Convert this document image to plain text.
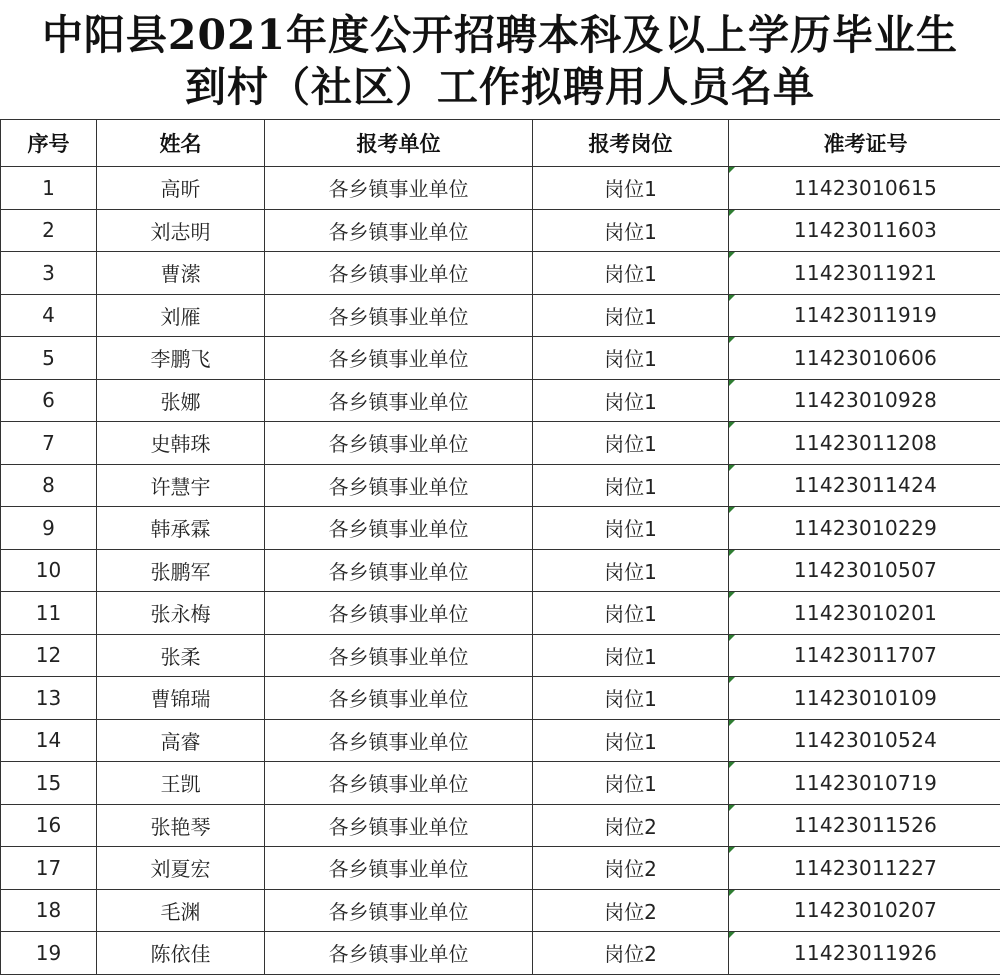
中阳县2021年度公开招聘本科及以上学历毕业生
到村（社区）工作拟聘用人员名单
序号	姓名	报考单位	报考岗位	准考证号
1	高昕	各乡镇事业单位	岗位1	11423010615
2	刘志明	各乡镇事业单位	岗位1	11423011603
3	曹潆	各乡镇事业单位	岗位1	11423011921
4	刘雁	各乡镇事业单位	岗位1	11423011919
5	李鹏飞	各乡镇事业单位	岗位1	11423010606
6	张娜	各乡镇事业单位	岗位1	11423010928
7	史韩珠	各乡镇事业单位	岗位1	11423011208
8	许慧宇	各乡镇事业单位	岗位1	11423011424
9	韩承霖	各乡镇事业单位	岗位1	11423010229
10	张鹏军	各乡镇事业单位	岗位1	11423010507
11	张永梅	各乡镇事业单位	岗位1	11423010201
12	张柔	各乡镇事业单位	岗位1	11423011707
13	曹锦瑞	各乡镇事业单位	岗位1	11423010109
14	高睿	各乡镇事业单位	岗位1	11423010524
15	王凯	各乡镇事业单位	岗位1	11423010719
16	张艳琴	各乡镇事业单位	岗位2	11423011526
17	刘夏宏	各乡镇事业单位	岗位2	11423011227
18	毛渊	各乡镇事业单位	岗位2	11423010207
19	陈依佳	各乡镇事业单位	岗位2	11423011926
